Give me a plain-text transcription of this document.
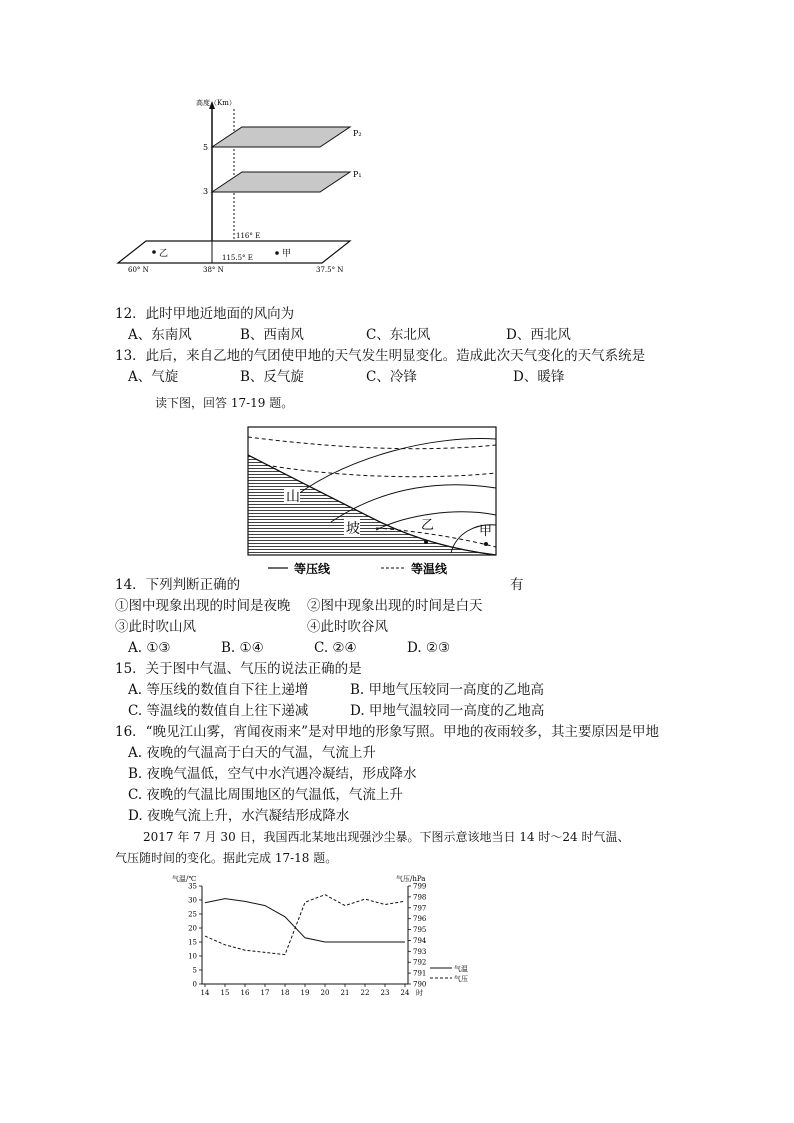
高度（Km）
5
3
P₂
P₁
116° E
115.5° E
乙	甲
60° N	38° N	37.5° N
12．此时甲地近地面的风向为
A、东南风	B、西南风	C、东北风	D、西北风
13．此后，来自乙地的气团使甲地的天气发生明显变化。造成此次天气变化的天气系统是
A、气旋	B、反气旋	C、冷锋	D、暖锋
读下图，回答 17-19 题。
山
坡	乙	甲
等压线	等温线
14．下列判断正确的	有
①图中现象出现的时间是夜晚 ②图中现象出现的时间是白天
③此时吹山风	④此时吹谷风
A. ①③	B. ①④	C. ②④	D. ②③
15．关于图中气温、气压的说法正确的是
A. 等压线的数值自下往上递增	B. 甲地气压较同一高度的乙地高
C. 等温线的数值自上往下递减	D. 甲地气温较同一高度的乙地高
16．“晚见江山雾，宵闻夜雨来”是对甲地的形象写照。甲地的夜雨较多，其主要原因是甲地
A. 夜晚的气温高于白天的气温，气流上升
B. 夜晚气温低，空气中水汽遇冷凝结，形成降水
C. 夜晚的气温比周围地区的气温低，气流上升
D. 夜晚气流上升，水汽凝结形成降水
2017 年 7 月 30 日，我国西北某地出现强沙尘暴。下图示意该地当日 14 时～24 时气温、
气压随时间的变化。据此完成 17-18 题。
气温/℃	气压/hPa
35
30
25
20
15
10
5
0
799
798
797
796
795
794
793
792
791
790
14 15 16 17 18 19 20 21 22 23 24 时
气温
气压
